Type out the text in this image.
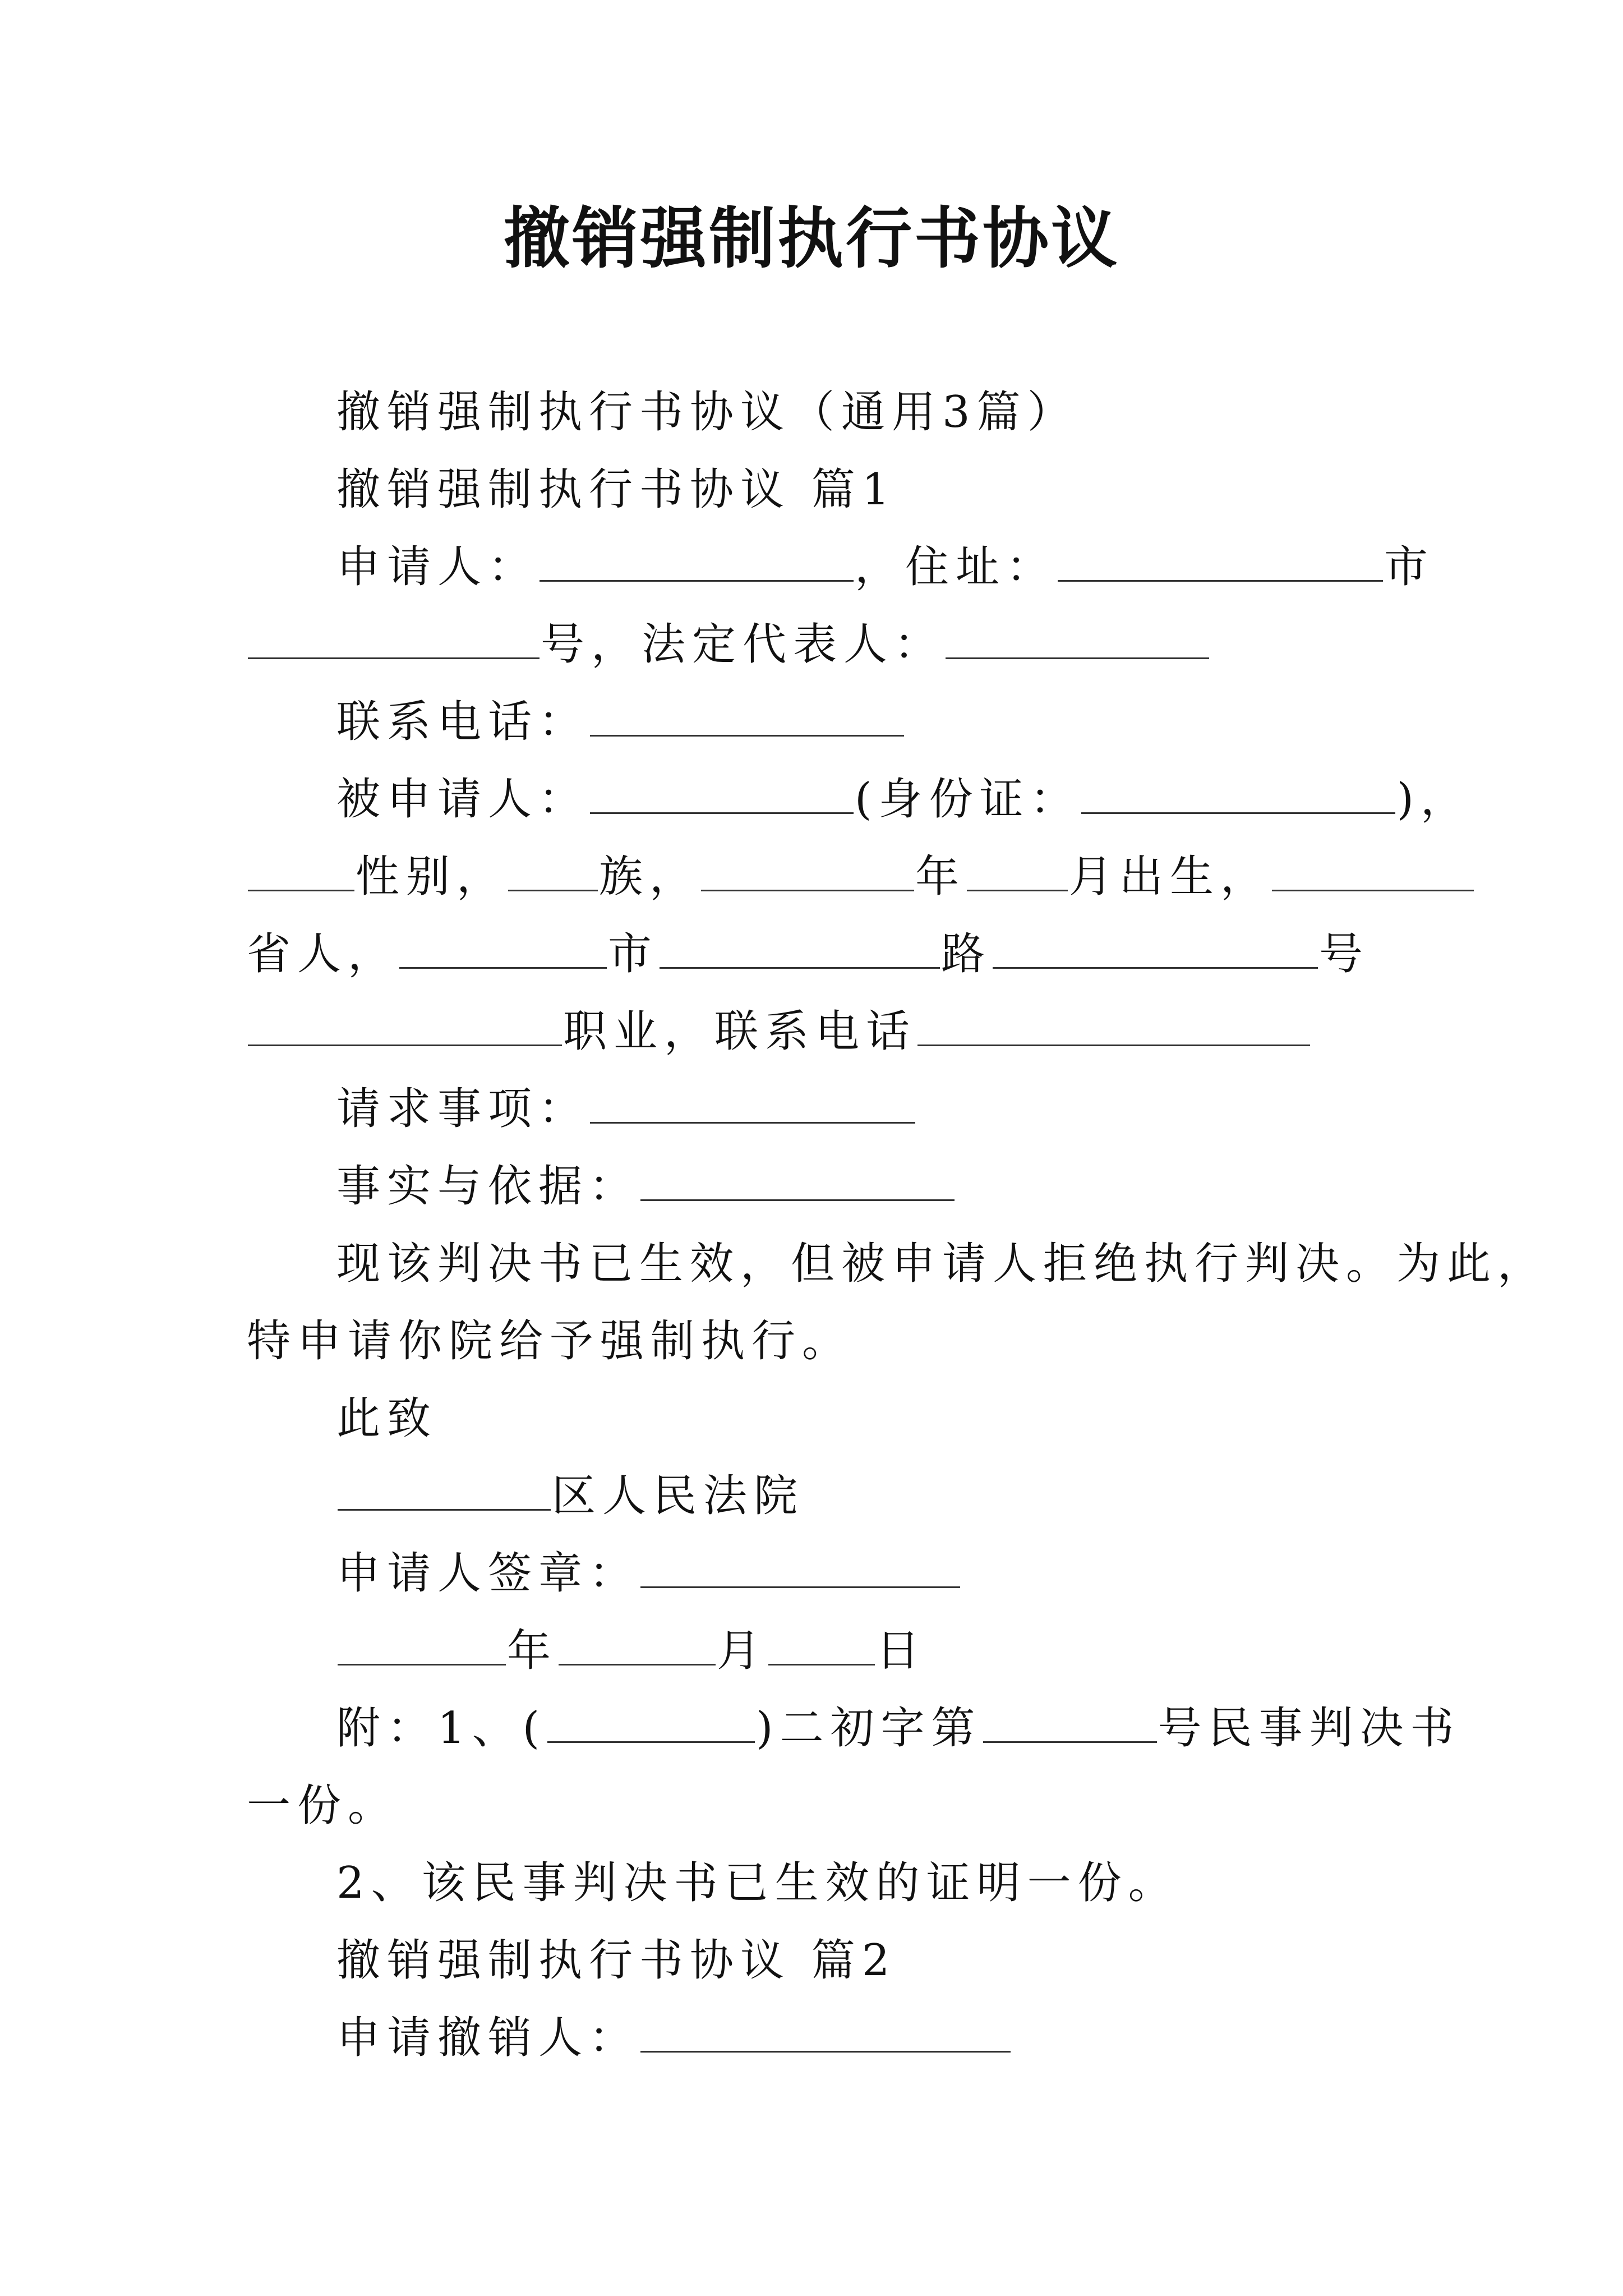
撤销强制执行书协议
撤销强制执行书协议（通用3篇）
撤销强制执行书协议 篇1
申请人：	，住址：	市
号，法定代表人：
联系电话：
被申请人：	(身份证：	)，
性别， 族，	年 月出生，
省人，	市	路	号
职业，联系电话
请求事项：
事实与依据：
现该判决书已生效，但被申请人拒绝执行判决。为此，
特申请你院给予强制执行。
此致
区人民法院
申请人签章：
年	月 日
附：1、(	)二初字第	号民事判决书
一份。
2、该民事判决书已生效的证明一份。
撤销强制执行书协议 篇2
申请撤销人：
